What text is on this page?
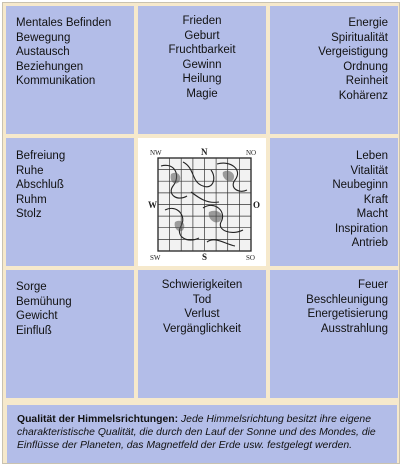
Mentales Befinden
Bewegung
Austausch
Beziehungen
Kommunikation
Frieden
Geburt
Fruchtbarkeit
Gewinn
Heilung
Magie
Energie
Spiritualität
Vergeistigung
Ordnung
Reinheit
Kohärenz
Befreiung
Ruhe
Abschluß
Ruhm
Stolz
NW	N	NO
W	O
SW	S	SO
Leben
Vitalität
Neubeginn
Kraft
Macht
Inspiration
Antrieb
Sorge
Bemühung
Gewicht
Einfluß
Schwierigkeiten
Tod
Verlust
Vergänglichkeit
Feuer
Beschleunigung
Energetisierung
Ausstrahlung
Qualität der Himmelsrichtungen: Jede Himmelsrichtung besitzt ihre eigene charakteristische Qualität, die durch den Lauf der Sonne und des Mondes, die Einflüsse der Planeten, das Magnetfeld der Erde usw. festgelegt werden.
